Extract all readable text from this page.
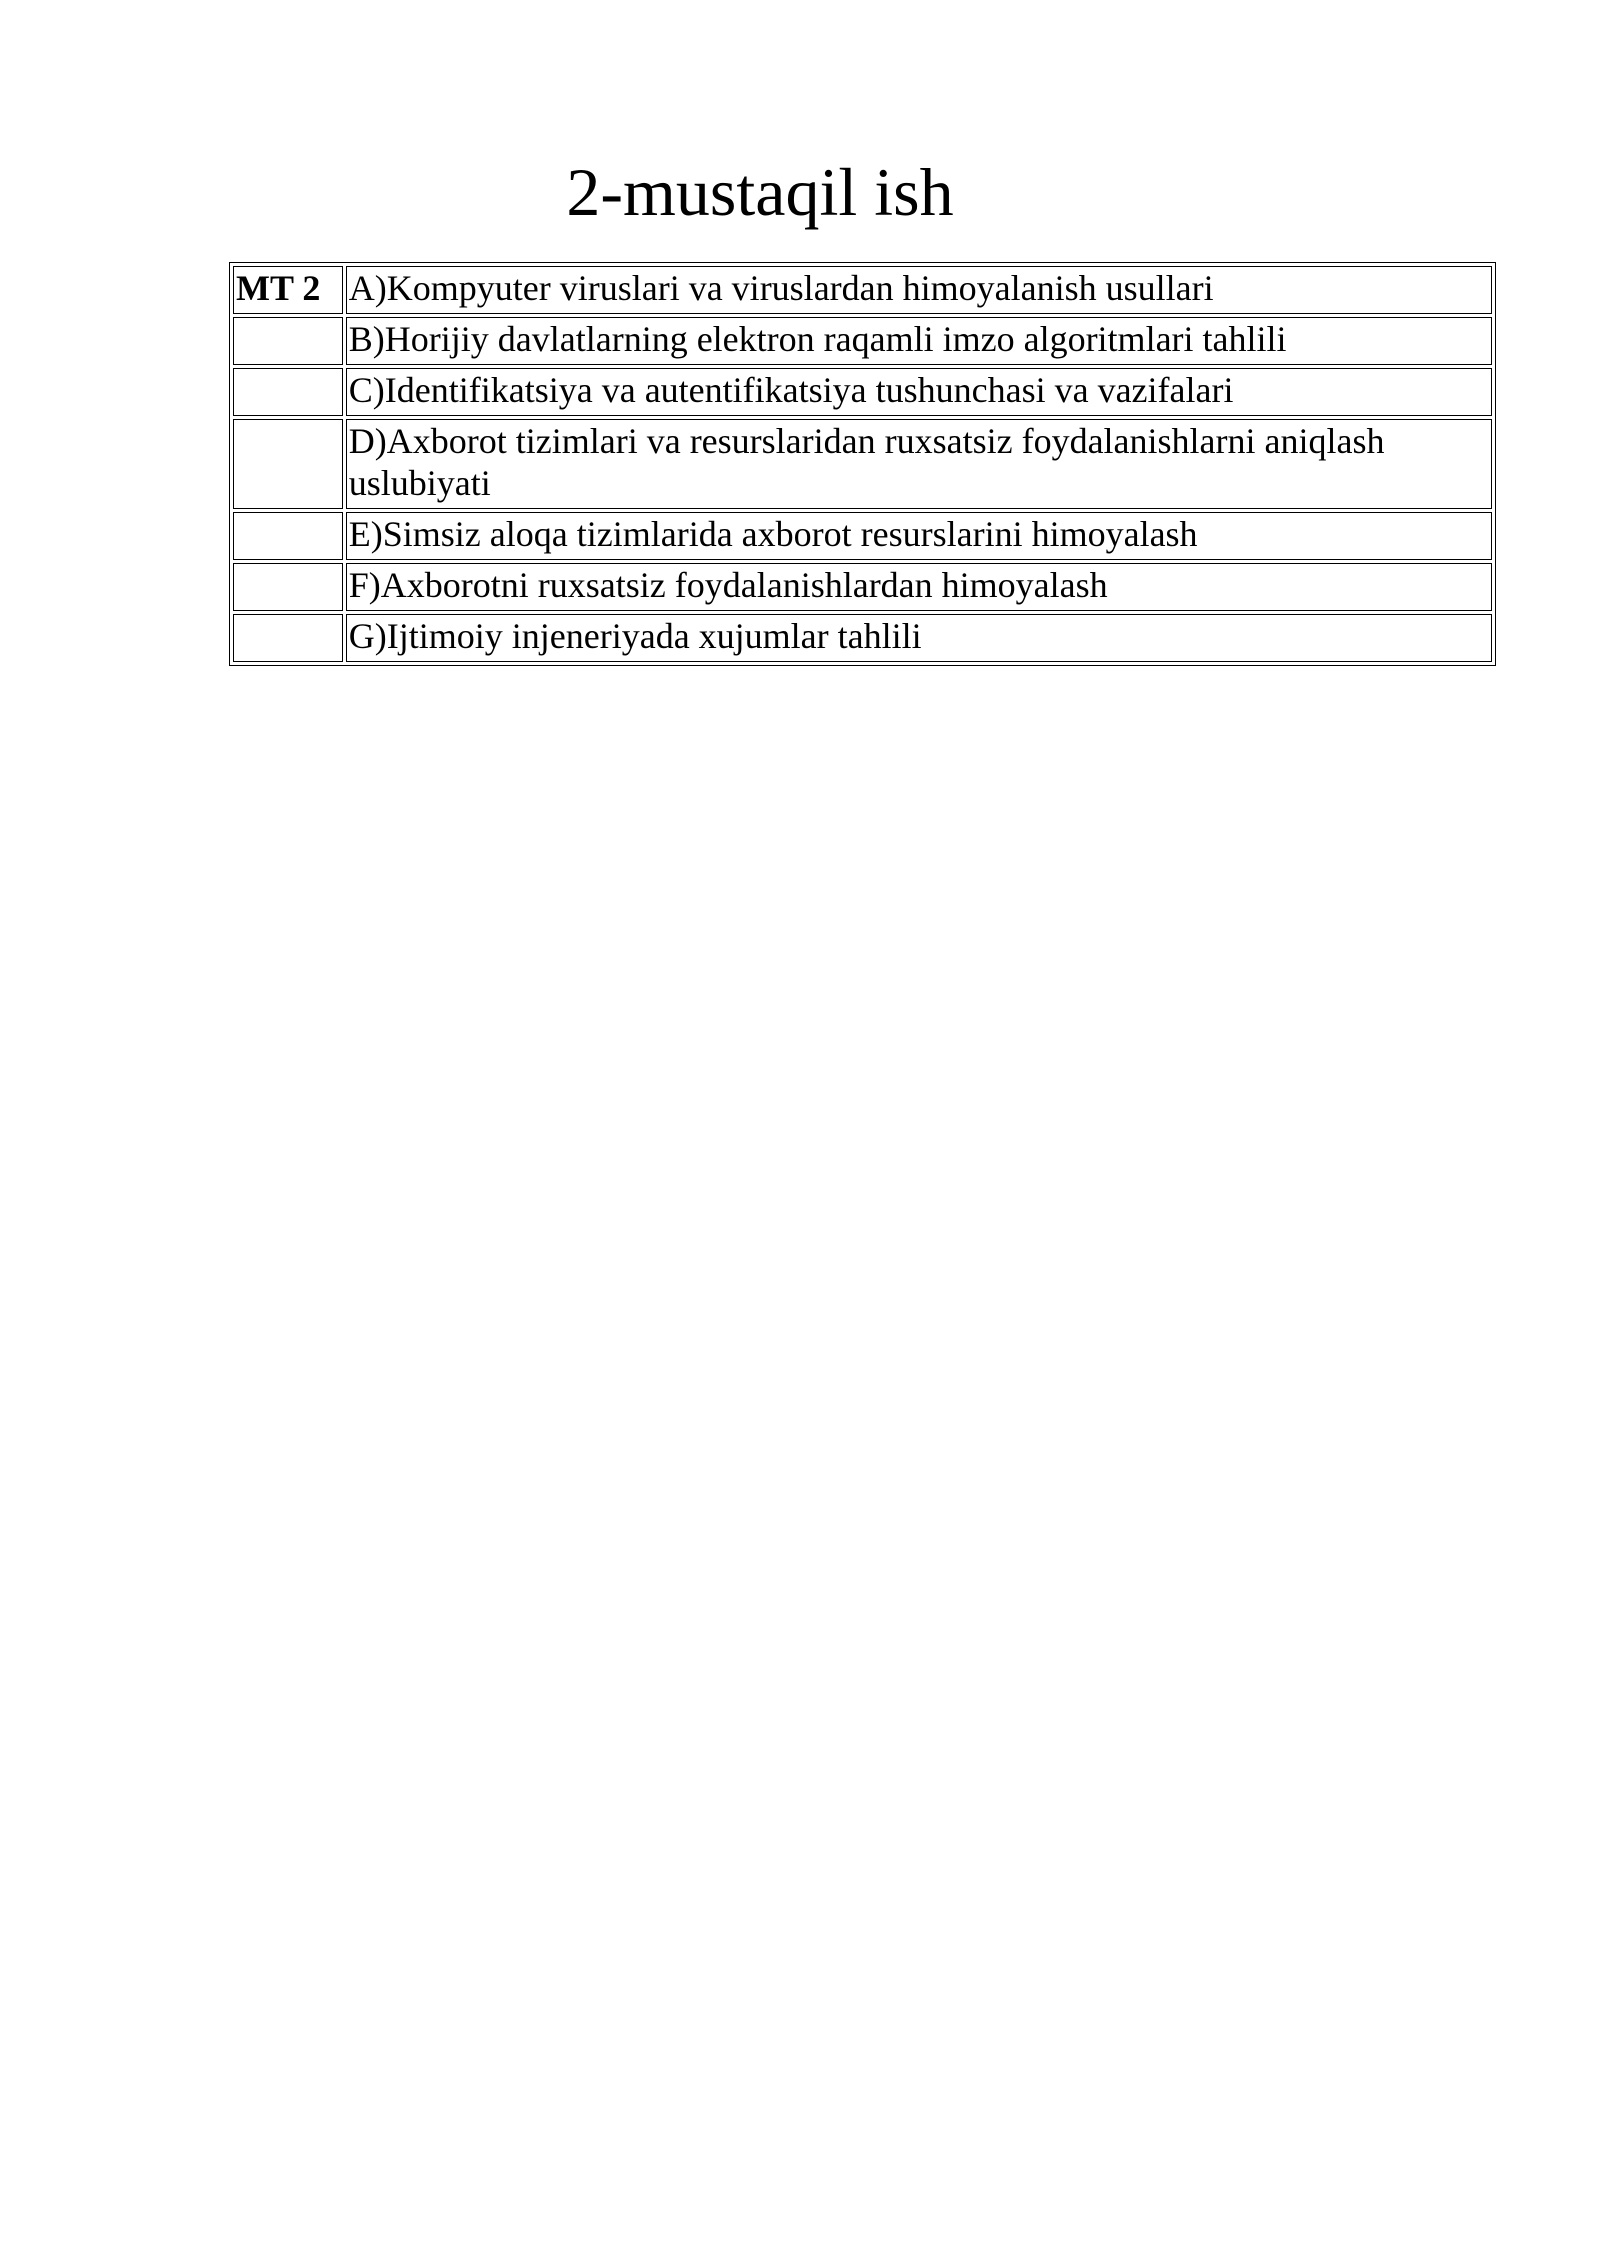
2-mustaqil ish
MT 2	A)Kompyuter viruslari va viruslardan himoyalanish usullari
	B)Horijiy davlatlarning elektron raqamli imzo algoritmlari tahlili
	C)Identifikatsiya va autentifikatsiya tushunchasi va vazifalari
	D)Axborot tizimlari va resurslaridan ruxsatsiz foydalanishlarni aniqlash uslubiyati
	E)Simsiz aloqa tizimlarida axborot resurslarini himoyalash
	F)Axborotni ruxsatsiz foydalanishlardan himoyalash
	G)Ijtimoiy injeneriyada xujumlar tahlili
